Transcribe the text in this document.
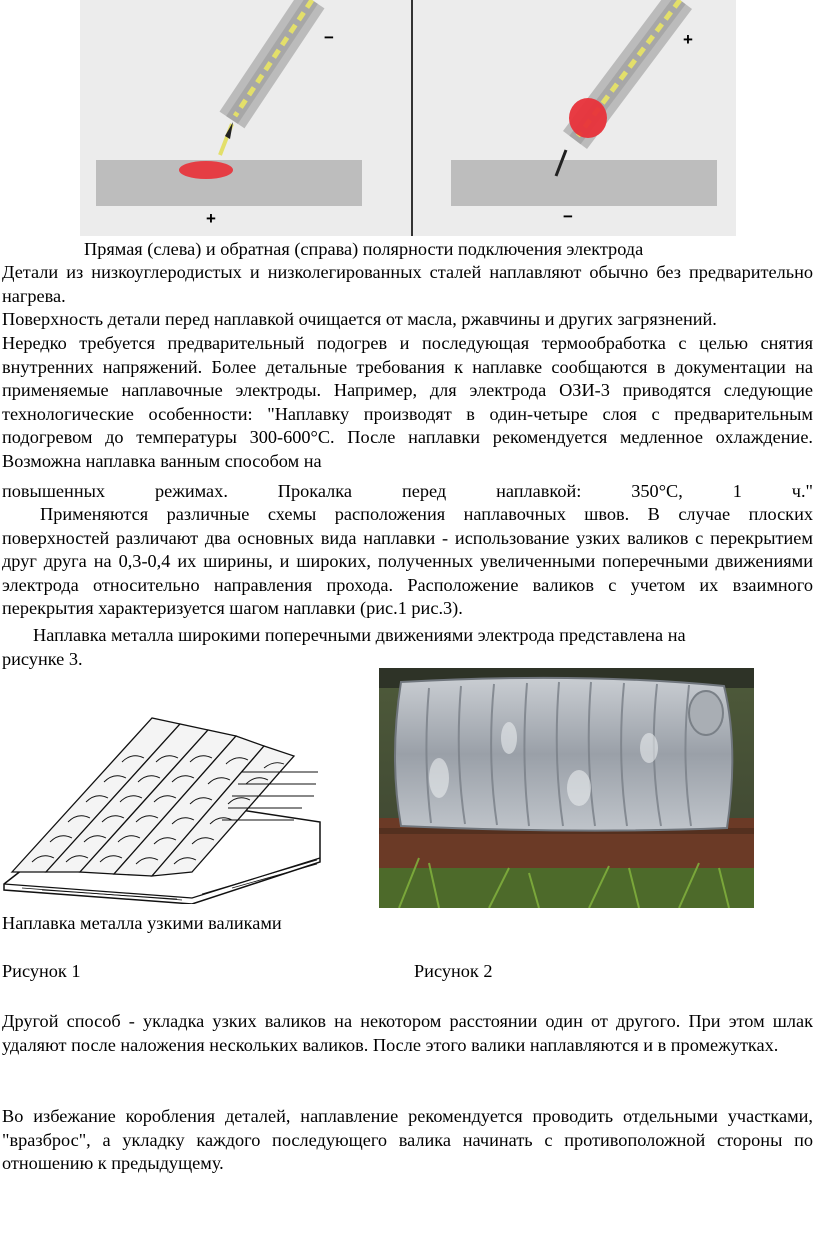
−
+
+
−
Прямая (слева) и обратная (справа) полярности подключения электрода

Детали из низкоуглеродистых и низколегированных сталей наплавляют обычно без предварительно нагрева.

Поверхность детали перед наплавкой очищается от масла, ржавчины и других загрязнений.

Нередко требуется предварительный подогрев и последующая термообработка с целью снятия внутренних напряжений. Более детальные требования к наплавке сообщаются в документации на применяемые наплавочные электроды. Например, для электрода ОЗИ-3 приводятся следующие технологические особенности: "Наплавку производят в один-четыре слоя с предварительным подогревом до температуры 300-600°С. После наплавки рекомендуется медленное охлаждение. Возможна наплавка ванным способом на

повышенных режимах. Прокалка перед наплавкой: 350°С, 1 ч."

Применяются различные схемы расположения наплавочных швов. В случае плоских поверхностей различают два основных вида наплавки - использование узких валиков с перекрытием друг друга на 0,3-0,4 их ширины, и широких, полученных увеличенными поперечными движениями электрода относительно направления прохода. Расположение валиков с учетом их взаимного перекрытия характеризуется шагом наплавки (рис.1 рис.3).

Наплавка металла широкими поперечными движениями электрода представлена на
рисунке 3.
Наплавка металла узкими валиками
Рисунок 1	Рисунок 2

Другой способ - укладка узких валиков на некотором расстоянии один от другого. При этом шлак удаляют после наложения нескольких валиков. После этого валики наплавляются и в промежутках.

Во избежание коробления деталей, наплавление рекомендуется проводить отдельными участками, "вразброс", а укладку каждого последующего валика начинать с противоположной стороны по отношению к предыдущему.
